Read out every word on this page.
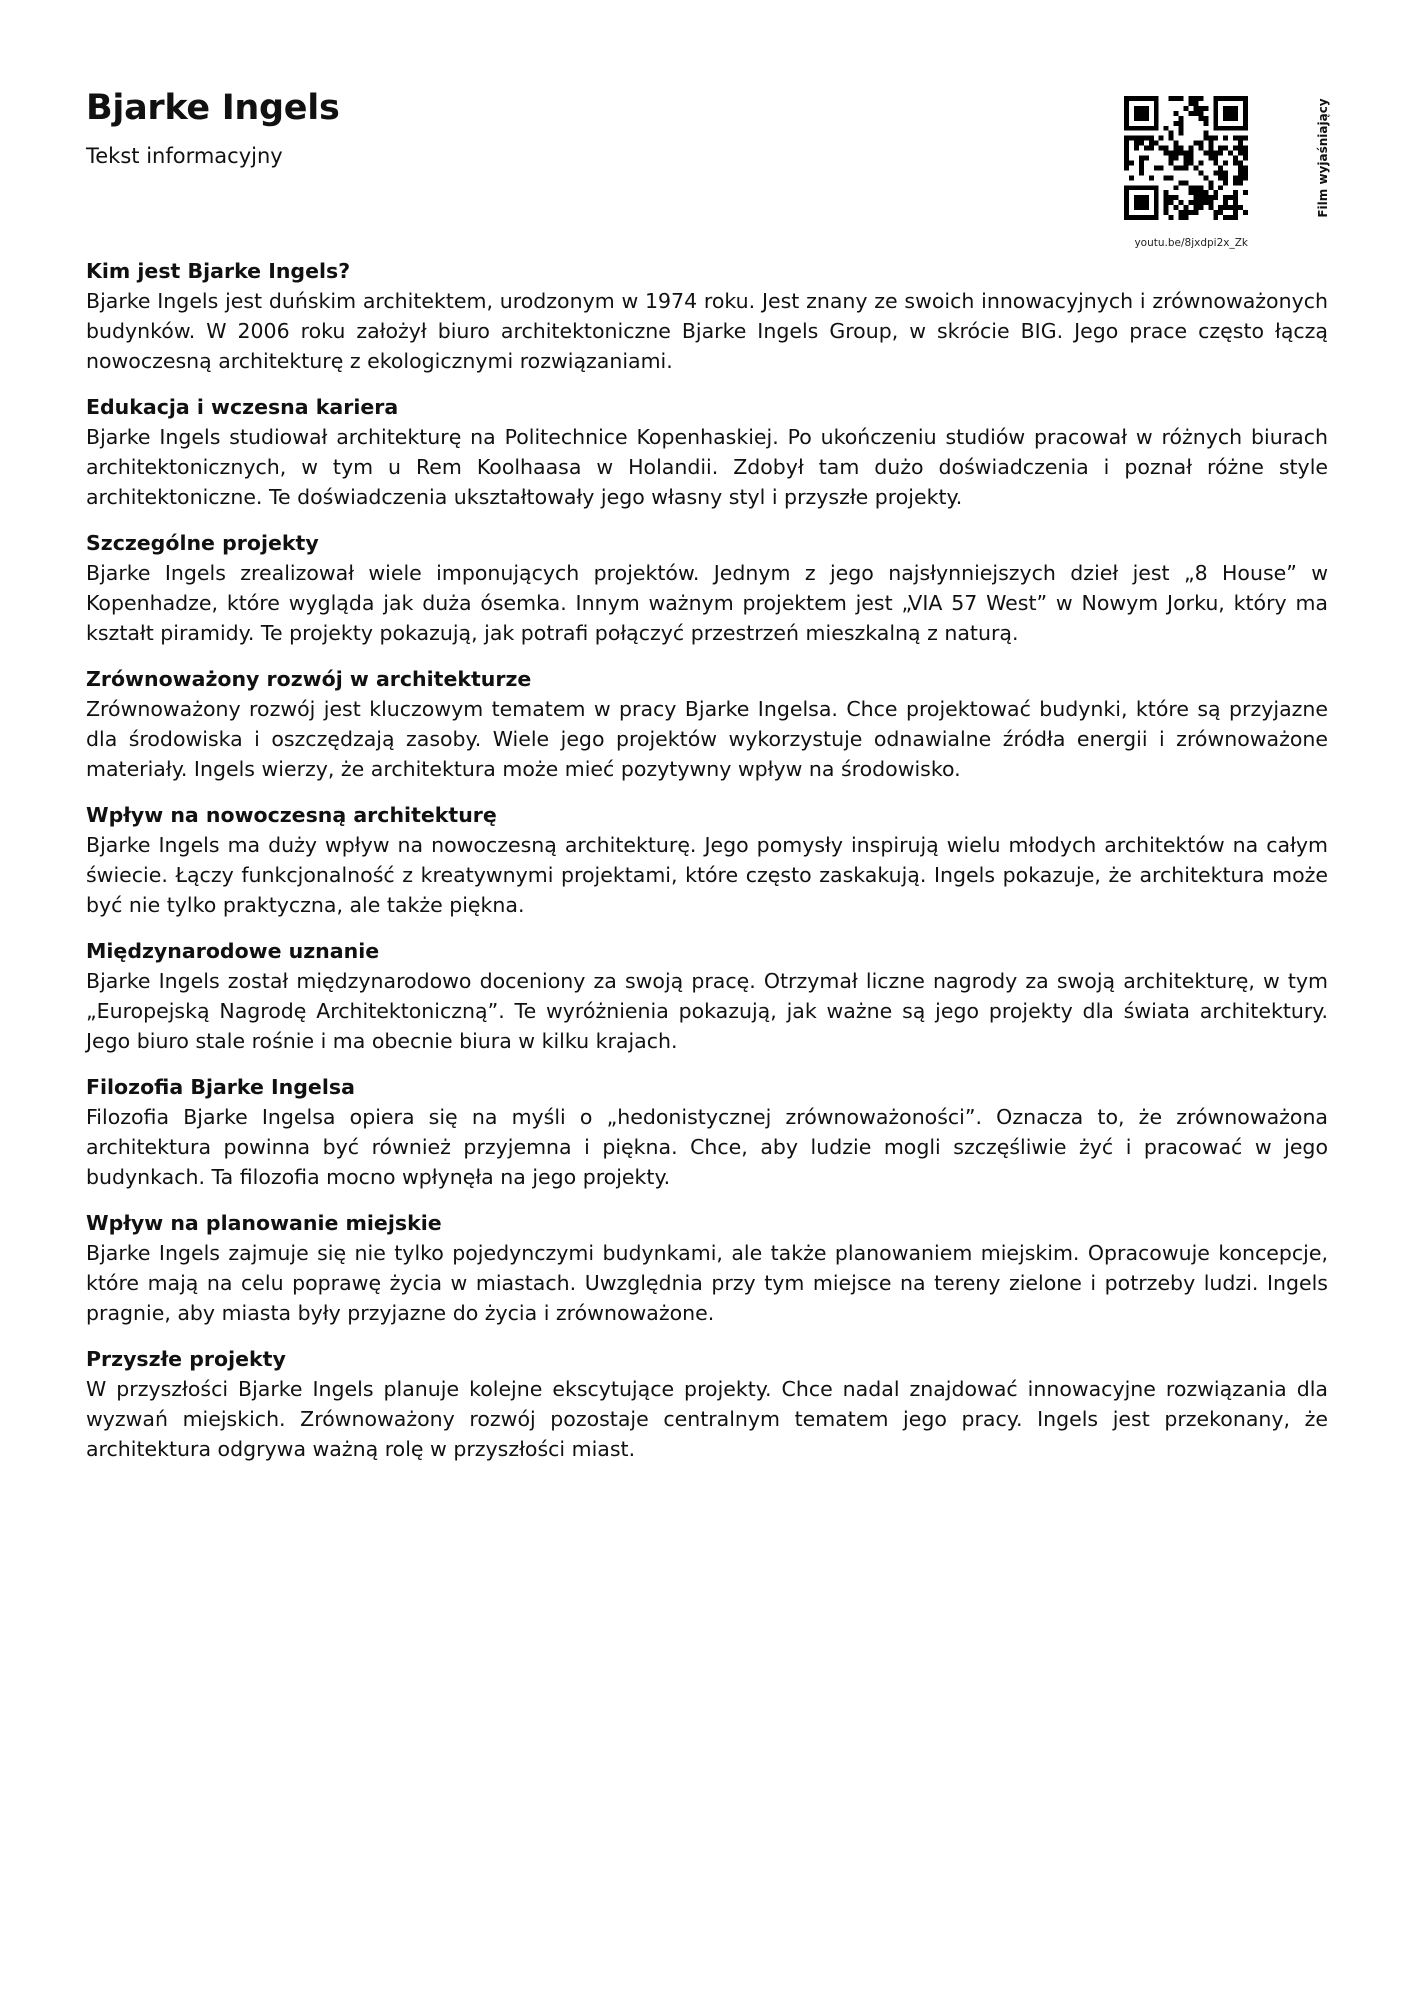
Bjarke Ingels
Tekst informacyjny
youtu.be/8jxdpi2x_Zk
Film wyjaśniający
Kim jest Bjarke Ingels?

Bjarke Ingels jest duńskim architektem, urodzonym w 1974 roku. Jest znany ze swoich innowacyjnych i zrównoważonych budynków. W 2006 roku założył biuro architektoniczne Bjarke Ingels Group, w skrócie BIG. Jego prace często łączą nowoczesną architekturę z ekologicznymi rozwiązaniami.

Edukacja i wczesna kariera

Bjarke Ingels studiował architekturę na Politechnice Kopenhaskiej. Po ukończeniu studiów pracował w różnych biurach architektonicznych, w tym u Rem Koolhaasa w Holandii. Zdobył tam dużo doświadczenia i poznał różne style architektoniczne. Te doświadczenia ukształtowały jego własny styl i przyszłe projekty.

Szczególne projekty

Bjarke Ingels zrealizował wiele imponujących projektów. Jednym z jego najsłynniejszych dzieł jest „8 House” w Kopenhadze, które wygląda jak duża ósemka. Innym ważnym projektem jest „VIA 57 West” w Nowym Jorku, który ma kształt piramidy. Te projekty pokazują, jak potrafi połączyć przestrzeń mieszkalną z naturą.

Zrównoważony rozwój w architekturze

Zrównoważony rozwój jest kluczowym tematem w pracy Bjarke Ingelsa. Chce projektować budynki, które są przyjazne dla środowiska i oszczędzają zasoby. Wiele jego projektów wykorzystuje odnawialne źródła energii i zrównoważone materiały. Ingels wierzy, że architektura może mieć pozytywny wpływ na środowisko.

Wpływ na nowoczesną architekturę

Bjarke Ingels ma duży wpływ na nowoczesną architekturę. Jego pomysły inspirują wielu młodych architektów na całym świecie. Łączy funkcjonalność z kreatywnymi projektami, które często zaskakują. Ingels pokazuje, że architektura może być nie tylko praktyczna, ale także piękna.

Międzynarodowe uznanie

Bjarke Ingels został międzynarodowo doceniony za swoją pracę. Otrzymał liczne nagrody za swoją architekturę, w tym „Europejską Nagrodę Architektoniczną”. Te wyróżnienia pokazują, jak ważne są jego projekty dla świata architektury. Jego biuro stale rośnie i ma obecnie biura w kilku krajach.

Filozofia Bjarke Ingelsa

Filozofia Bjarke Ingelsa opiera się na myśli o „hedonistycznej zrównoważoności”. Oznacza to, że zrównoważona architektura powinna być również przyjemna i piękna. Chce, aby ludzie mogli szczęśliwie żyć i pracować w jego budynkach. Ta filozofia mocno wpłynęła na jego projekty.

Wpływ na planowanie miejskie

Bjarke Ingels zajmuje się nie tylko pojedynczymi budynkami, ale także planowaniem miejskim. Opracowuje koncepcje, które mają na celu poprawę życia w miastach. Uwzględnia przy tym miejsce na tereny zielone i potrzeby ludzi. Ingels pragnie, aby miasta były przyjazne do życia i zrównoważone.

Przyszłe projekty

W przyszłości Bjarke Ingels planuje kolejne ekscytujące projekty. Chce nadal znajdować innowacyjne rozwiązania dla wyzwań miejskich. Zrównoważony rozwój pozostaje centralnym tematem jego pracy. Ingels jest przekonany, że architektura odgrywa ważną rolę w przyszłości miast.
